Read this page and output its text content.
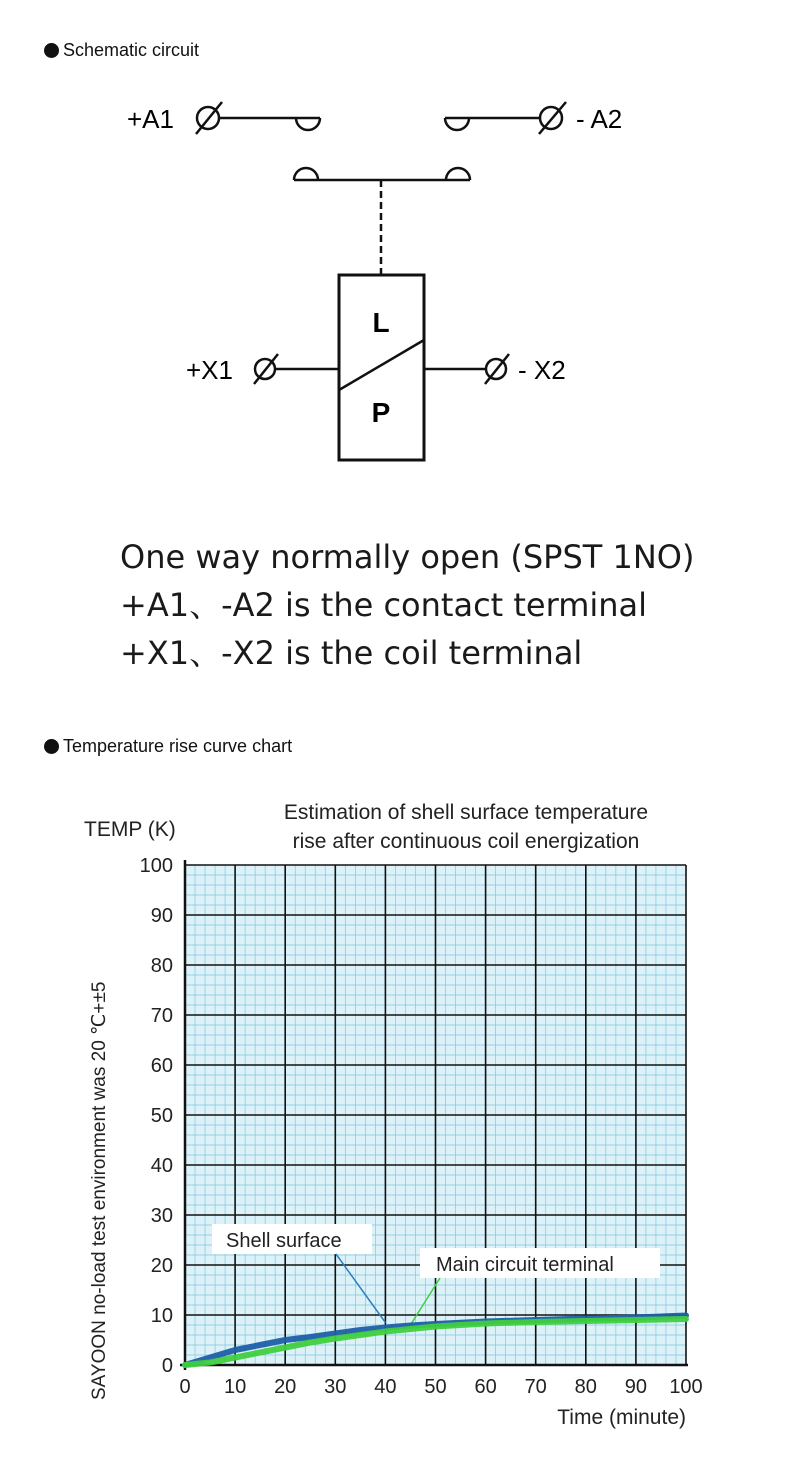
Schematic circuit
+A1	- A2
L
P
+X1	- X2
One way normally open (SPST 1NO)
+A1、-A2 is the contact terminal
+X1、-X2 is the coil terminal
Temperature rise curve chart
Estimation of shell surface temperature
rise after continuous coil energization
TEMP (K)
SAYOON no-load test environment was 20 ℃+±5	0
10
20
30
40
50
60
70
80
90
100
0 10 20 30 40 50 60 70 80 90 100
Shell surface
Main circuit terminal
Time (minute)
